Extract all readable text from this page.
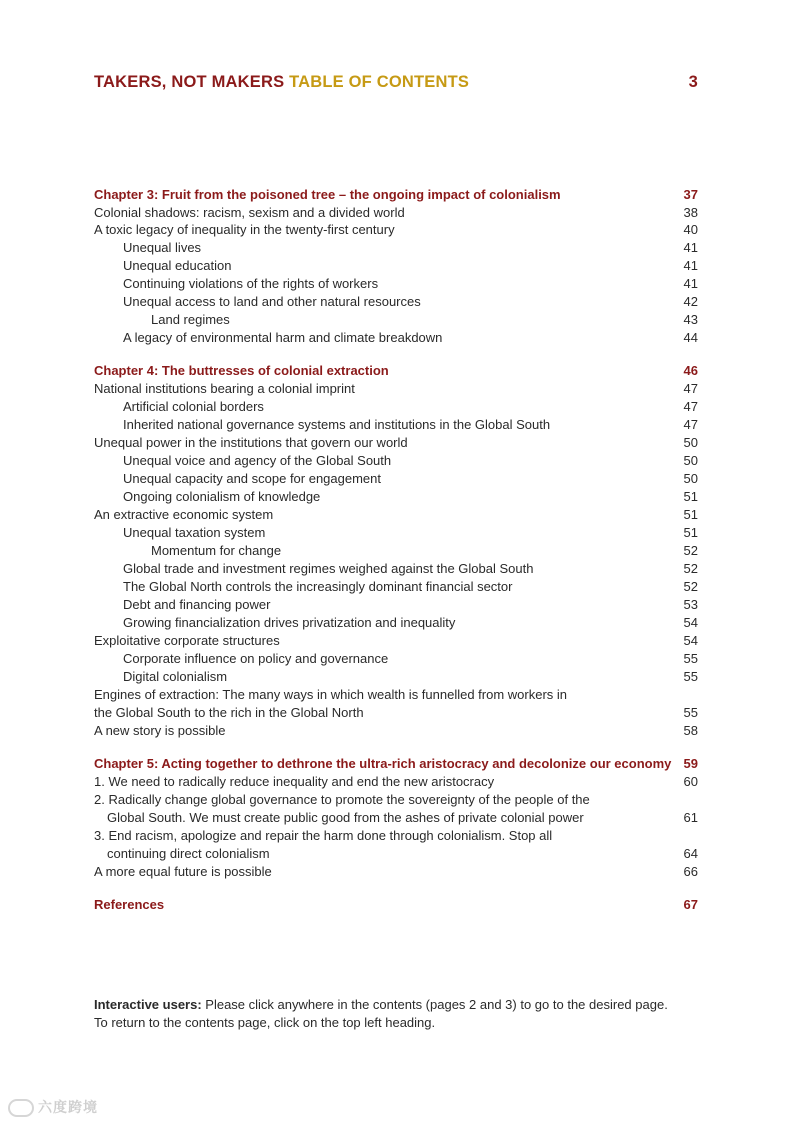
TAKERS, NOT MAKERS TABLE OF CONTENTS	3
Chapter 3: Fruit from the poisoned tree – the ongoing impact of colonialism	37
Colonial shadows: racism, sexism and a divided world	38
A toxic legacy of inequality in the twenty-first century	40
Unequal lives	41
Unequal education	41
Continuing violations of the rights of workers	41
Unequal access to land and other natural resources	42
Land regimes	43
A legacy of environmental harm and climate breakdown	44
Chapter 4: The buttresses of colonial extraction	46
National institutions bearing a colonial imprint	47
Artificial colonial borders	47
Inherited national governance systems and institutions in the Global South	47
Unequal power in the institutions that govern our world	50
Unequal voice and agency of the Global South	50
Unequal capacity and scope for engagement	50
Ongoing colonialism of knowledge	51
An extractive economic system	51
Unequal taxation system	51
Momentum for change	52
Global trade and investment regimes weighed against the Global South	52
The Global North controls the increasingly dominant financial sector	52
Debt and financing power	53
Growing financialization drives privatization and inequality	54
Exploitative corporate structures	54
Corporate influence on policy and governance	55
Digital colonialism	55
Engines of extraction: The many ways in which wealth is funnelled from workers in
the Global South to the rich in the Global North	55
A new story is possible	58
Chapter 5: Acting together to dethrone the ultra-rich aristocracy and decolonize our economy 59
1. We need to radically reduce inequality and end the new aristocracy	60
2. Radically change global governance to promote the sovereignty of the people of the
Global South. We must create public good from the ashes of private colonial power	61
3. End racism, apologize and repair the harm done through colonialism. Stop all
continuing direct colonialism	64
A more equal future is possible	66
References	67
Interactive users: Please click anywhere in the contents (pages 2 and 3) to go to the desired page.
To return to the contents page, click on the top left heading.
六度跨境
